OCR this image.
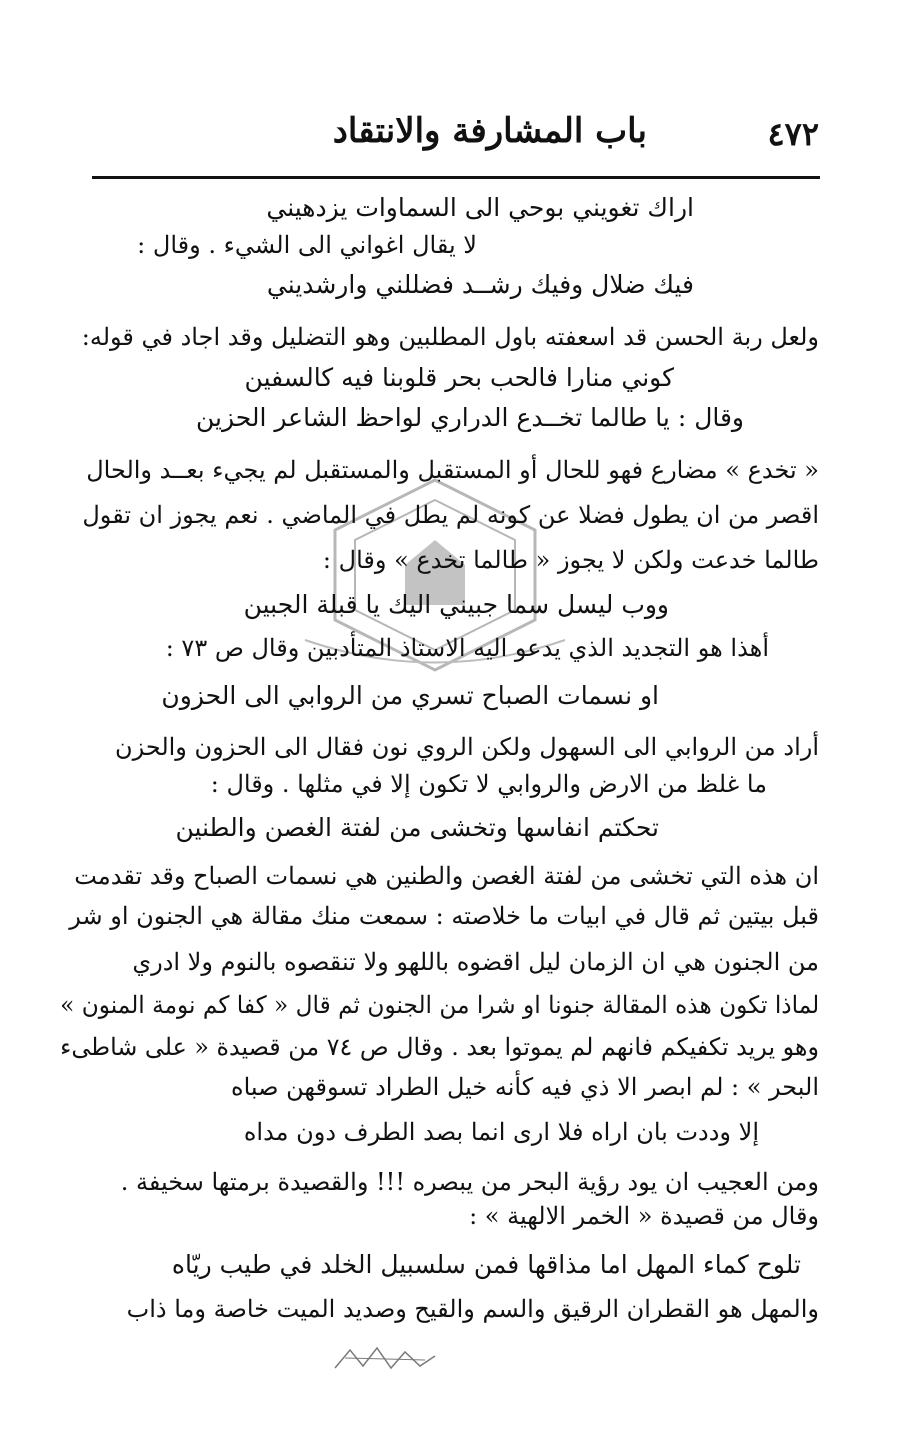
٤٧٢
باب المشارفة والانتقاد
اراك تغويني بوحي الى السماوات يزدهيني
لا يقال اغواني الى الشيء . وقال :
فيك ضلال وفيك رشــد فضللني وارشديني
ولعل ربة الحسن قد اسعفته باول المطلبين وهو التضليل وقد اجاد في قوله:
كوني منارا فالحب بحر قلوبنا فيه كالسفين
وقال : يا طالما تخــدع الدراري لواحظ الشاعر الحزين
« تخدع » مضارع فهو للحال أو المستقبل والمستقبل لم يجيء بعــد والحال
اقصر من ان يطول فضلا عن كونه لم يطل في الماضي . نعم يجوز ان تقول
طالما خدعت ولكن لا يجوز « طالما تخدع » وقال :
ووب ليسل سما جبيني اليك يا قبلة الجبين
أهذا هو التجديد الذي يدعو اليه الاستاذ المتأدبين وقال ص ٧٣ :
او نسمات الصباح تسري من الروابي الى الحزون
أراد من الروابي الى السهول ولكن الروي نون فقال الى الحزون والحزن
ما غلظ من الارض والروابي لا تكون إلا في مثلها . وقال :
تحكتم انفاسها وتخشى من لفتة الغصن والطنين
ان هذه التي تخشى من لفتة الغصن والطنين هي نسمات الصباح وقد تقدمت
قبل بيتين ثم قال في ابيات ما خلاصته : سمعت منك مقالة هي الجنون او شر
من الجنون هي ان الزمان ليل اقضوه باللهو ولا تنقصوه بالنوم ولا ادري
لماذا تكون هذه المقالة جنونا او شرا من الجنون ثم قال « كفا كم نومة المنون »
وهو يريد تكفيكم فانهم لم يموتوا بعد . وقال ص ٧٤ من قصيدة « على شاطىء
البحر » : لم ابصر الا ذي فيه كأنه خيل الطراد تسوقهن صباه
إلا وددت بان اراه فلا ارى انما بصد الطرف دون مداه
ومن العجيب ان يود رؤية البحر من يبصره !!! والقصيدة برمتها سخيفة .
وقال من قصيدة « الخمر الالهية » :
تلوح كماء المهل اما مذاقها فمن سلسبيل الخلد في طيب ريّاه
والمهل هو القطران الرقيق والسم والقيح وصديد الميت خاصة وما ذاب
